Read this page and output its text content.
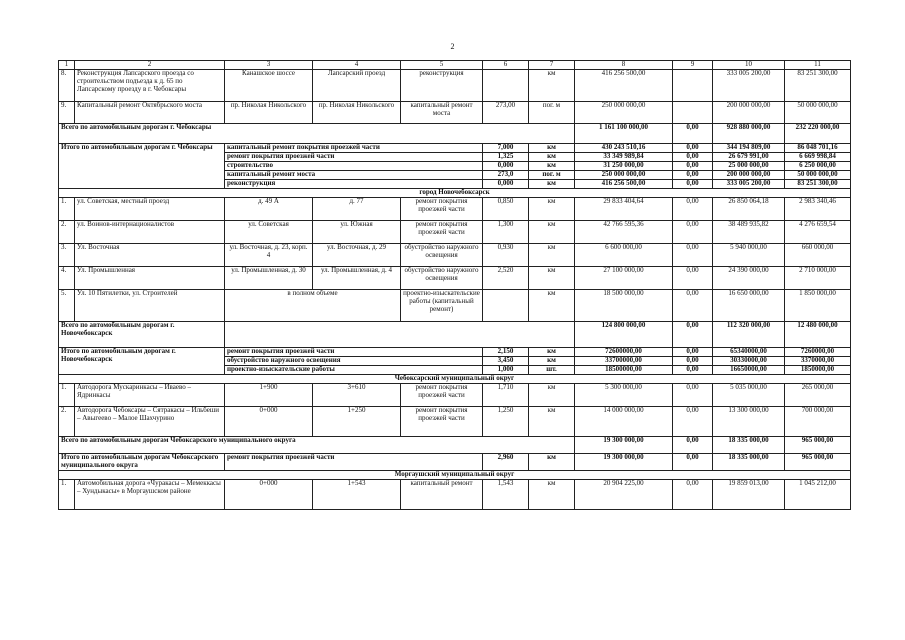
2
1	2	3	4	5	6	7	8	9	10	11
8.	Реконструкция Лапсарского проезда со строительством подъезда к д. 65 по Лапсарскому проезду в г. Чебоксары	Канашское шоссе	Лапсарский проезд	реконструкция		км	416 256 500,00		333 005 200,00	83 251 300,00
9.	Капитальный ремонт Октябрьского моста	пр. Николая Никольского	пр. Николая Никольского	капитальный ремонт моста	273,00	пог. м	250 000 000,00		200 000 000,00	50 000 000,00
Всего по автомобильным дорогам г. Чебоксары							1 161 100 000,00	0,00	928 880 000,00	232 220 000,00
Итого по автомобильным дорогам г. Чебоксары		капитальный ремонт покрытия проезжей части			7,000	км	430 243 510,16	0,00	344 194 809,00	86 048 701,16
		ремонт покрытия проезжей части			1,325	км	33 349 989,84	0,00	26 679 991,00	6 669 998,84
		строительство			0,000	км	31 250 000,00	0,00	25 000 000,00	6 250 000,00
		капитальный ремонт моста			273,0	пог. м	250 000 000,00	0,00	200 000 000,00	50 000 000,00
		реконструкция			0,000	км	416 256 500,00	0,00	333 005 200,00	83 251 300,00
город Новочебоксарск										
1.	ул. Советская, местный проезд	д. 49 А	д. 77	ремонт покрытия проезжей части	0,850	км	29 833 404,64	0,00	26 850 064,18	2 983 340,46
2.	ул. Воинов-интернационалистов	ул. Советская	ул. Южная	ремонт покрытия проезжей части	1,300	км	42 766 595,36	0,00	38 489 935,82	4 276 659,54
3.	Ул. Восточная	ул. Восточная, д. 23, корп. 4	ул. Восточная, д. 29	обустройство наружного освещения	0,930	км	6 600 000,00	0,00	5 940 000,00	660 000,00
4.	Ул. Промышленная	ул. Промышленная, д. 30	ул. Промышленная, д. 4	обустройство наружного освещения	2,520	км	27 100 000,00	0,00	24 390 000,00	2 710 000,00
5.	Ул. 10 Пятилетки, ул. Строителей	в полном объеме		проектно-изыскательские работы (капитальный ремонт)		км	18 500 000,00	0,00	16 650 000,00	1 850 000,00
Всего по автомобильным дорогам г. Новочебоксарск							124 800 000,00	0,00	112 320 000,00	12 480 000,00
Итого по автомобильным дорогам г. Новочебоксарск		ремонт покрытия проезжей части			2,150	км	72600000,00	0,00	65340000,00	7260000,00
		обустройство наружного освещения			3,450	км	33700000,00	0,00	30330000,00	3370000,00
		проектно-изыскательские работы			1,000	шт.	18500000,00	0,00	16650000,00	1850000,00
Чебоксарский муниципальный округ										
1.	Автодорога Мускаринкасы – Иваево – Ядринкасы	1+900	3+610	ремонт покрытия проезжей части	1,710	км	5 300 000,00	0,00	5 035 000,00	265 000,00
2.	Автодорога Чебоксары – Сятракасы – Ильбеши – Авыгеево – Малое Шахчурино	0+000	1+250	ремонт покрытия проезжей части	1,250	км	14 000 000,00	0,00	13 300 000,00	700 000,00
Всего по автомобильным дорогам Чебоксарского муниципального округа							19 300 000,00	0,00	18 335 000,00	965 000,00
Итого по автомобильным дорогам Чебоксарского муниципального округа		ремонт покрытия проезжей части			2,960	км	19 300 000,00	0,00	18 335 000,00	965 000,00
Моргаушский муниципальный округ										
1.	Автомобильная дорога «Чуракасы – Мемеккасы – Хундыкасы» в Моргаушском районе	0+000	1+543	капитальный ремонт	1,543	км	20 904 225,00	0,00	19 859 013,00	1 045 212,00
